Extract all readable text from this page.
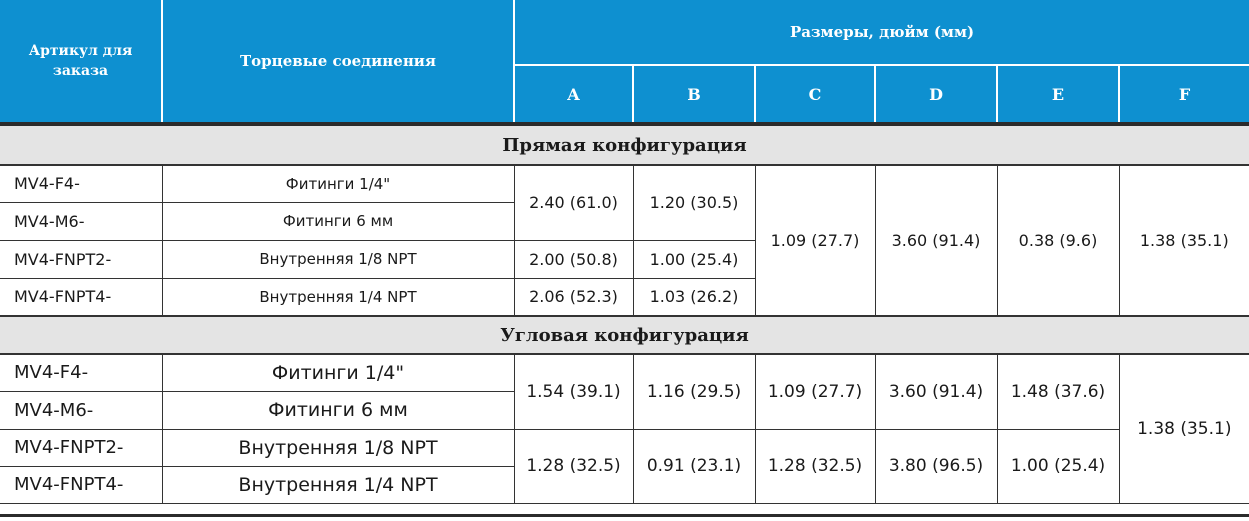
Артикул для заказа	Торцевые соединения	Размеры, дюйм (мм)					
		A	B	C	D	E	F

Прямая конфигурация							
MV4-F4-	Фитинги 1/4"	2.40 (61.0)	1.20 (30.5)	1.09 (27.7)	3.60 (91.4)	0.38 (9.6)	1.38 (35.1)
MV4-M6-	Фитинги 6 мм						
MV4-FNPT2-	Внутренняя 1/8 NPT	2.00 (50.8)	1.00 (25.4)				
MV4-FNPT4-	Внутренняя 1/4 NPT	2.06 (52.3)	1.03 (26.2)				
Угловая конфигурация							
MV4-F4-	Фитинги 1/4"	1.54 (39.1)	1.16 (29.5)	1.09 (27.7)	3.60 (91.4)	1.48 (37.6)	1.38 (35.1)
MV4-M6-	Фитинги 6 мм						
MV4-FNPT2-	Внутренняя 1/8 NPT	1.28 (32.5)	0.91 (23.1)	1.28 (32.5)	3.80 (96.5)	1.00 (25.4)	
MV4-FNPT4-	Внутренняя 1/4 NPT						
